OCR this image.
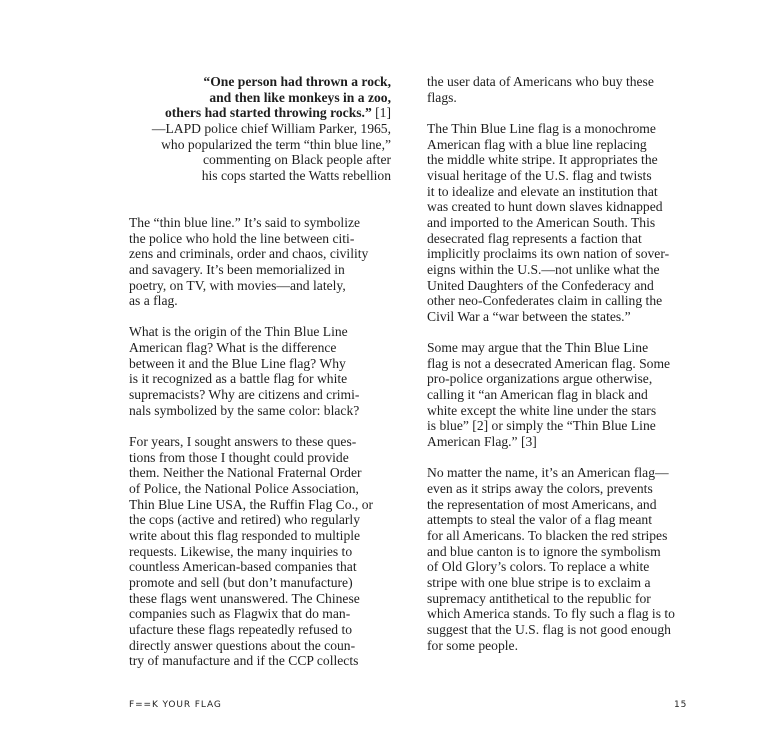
“One person had thrown a rock,
and then like monkeys in a zoo,
others had started throwing rocks.” [1]
—LAPD police chief William Parker, 1965,
who popularized the term “thin blue line,”
commenting on Black people after
his cops started the Watts rebellion
The “thin blue line.” It’s said to symbolize
the police who hold the line between citi-
zens and criminals, order and chaos, civility
and savagery. It’s been memorialized in
poetry, on TV, with movies—and lately,
as a flag.
What is the origin of the Thin Blue Line
American flag? What is the difference
between it and the Blue Line flag? Why
is it recognized as a battle flag for white
supremacists? Why are citizens and crimi-
nals symbolized by the same color: black?
For years, I sought answers to these ques-
tions from those I thought could provide
them. Neither the National Fraternal Order
of Police, the National Police Association,
Thin Blue Line USA, the Ruffin Flag Co., or
the cops (active and retired) who regularly
write about this flag responded to multiple
requests. Likewise, the many inquiries to
countless American-based companies that
promote and sell (but don’t manufacture)
these flags went unanswered. The Chinese
companies such as Flagwix that do man-
ufacture these flags repeatedly refused to
directly answer questions about the coun-
try of manufacture and if the CCP collects
the user data of Americans who buy these
flags.
The Thin Blue Line flag is a monochrome
American flag with a blue line replacing
the middle white stripe. It appropriates the
visual heritage of the U.S. flag and twists
it to idealize and elevate an institution that
was created to hunt down slaves kidnapped
and imported to the American South. This
desecrated flag represents a faction that
implicitly proclaims its own nation of sover-
eigns within the U.S.—not unlike what the
United Daughters of the Confederacy and
other neo-Confederates claim in calling the
Civil War a “war between the states.”
Some may argue that the Thin Blue Line
flag is not a desecrated American flag. Some
pro-police organizations argue otherwise,
calling it “an American flag in black and
white except the white line under the stars
is blue” [2] or simply the “Thin Blue Line
American Flag.” [3]
No matter the name, it’s an American flag—
even as it strips away the colors, prevents
the representation of most Americans, and
attempts to steal the valor of a flag meant
for all Americans. To blacken the red stripes
and blue canton is to ignore the symbolism
of Old Glory’s colors. To replace a white
stripe with one blue stripe is to exclaim a
supremacy antithetical to the republic for
which America stands. To fly such a flag is to
suggest that the U.S. flag is not good enough
for some people.
F==K YOUR FLAG	15
